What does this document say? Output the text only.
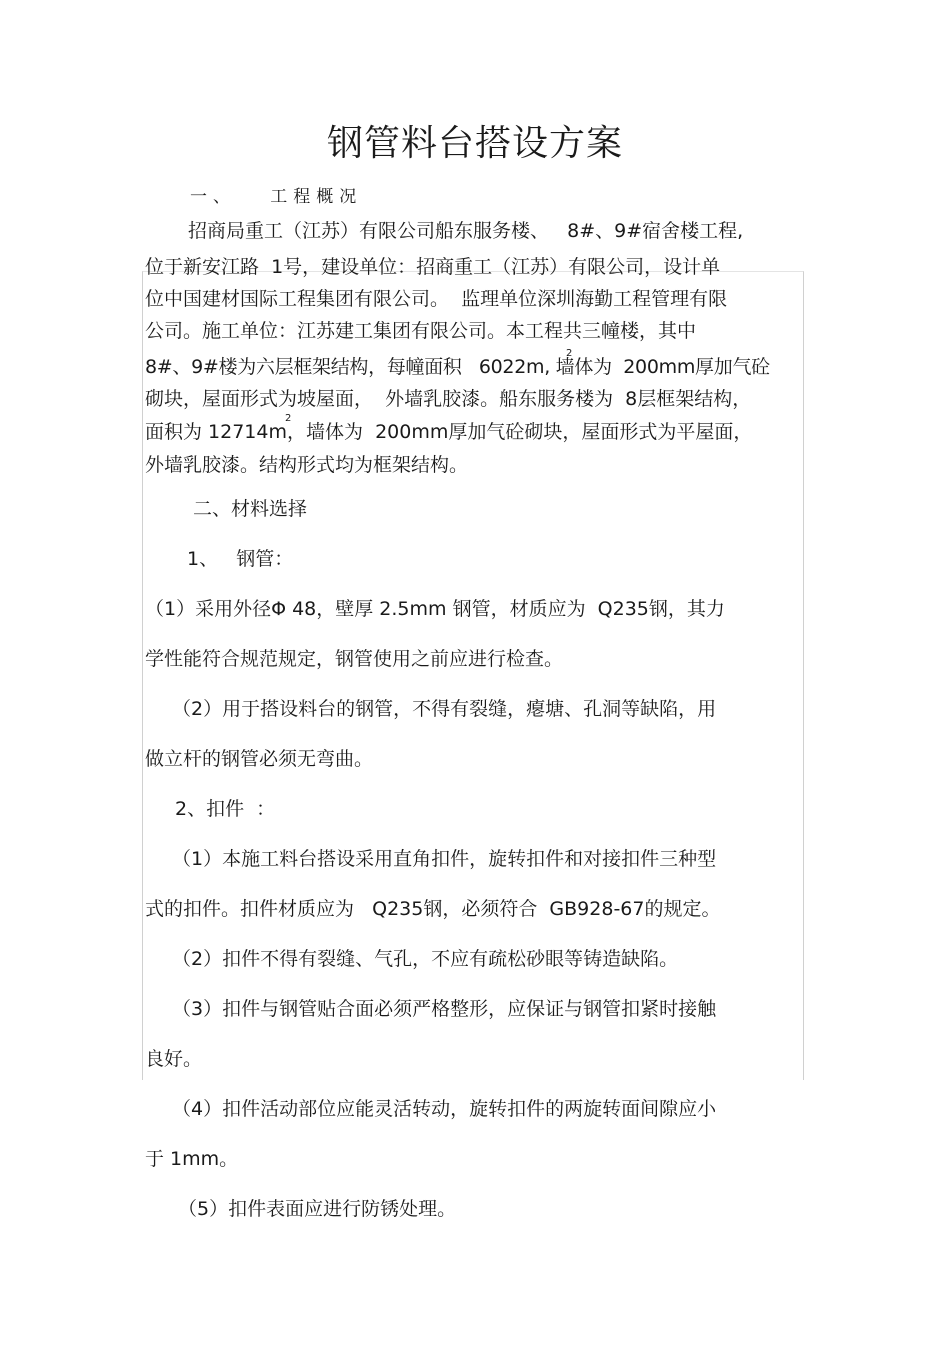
钢管料台搭设方案
一、   工程概况
招商局重工（江苏）有限公司船东服务楼、   8#、9#宿舍楼工程,
位于新安江路  1号，建设单位：招商重工（江苏）有限公司，设计单
位中国建材国际工程集团有限公司。  监理单位深圳海勤工程管理有限
公司。施工单位：江苏建工集团有限公司。本工程共三幢楼，其中
8#、9#楼为六层框架结构，每幢面积   6022m, 墙体为  200mm厚加气砼
2
砌块，屋面形式为坡屋面，  外墙乳胶漆。船东服务楼为  8层框架结构，
面积为 12714m，墙体为  200mm厚加气砼砌块，屋面形式为平屋面，
2
外墙乳胶漆。结构形式均为框架结构。
二、材料选择
1、   钢管：
（1）采用外径Φ 48，壁厚 2.5mm 钢管，材质应为  Q235钢，其力
学性能符合规范规定，钢管使用之前应进行检查。
（2）用于搭设料台的钢管，不得有裂缝，瘪塘、孔洞等缺陷，用
做立杆的钢管必须无弯曲。
2、扣件  ：
（1）本施工料台搭设采用直角扣件，旋转扣件和对接扣件三种型
式的扣件。扣件材质应为   Q235钢，必须符合  GB928-67的规定。
（2）扣件不得有裂缝、气孔，不应有疏松砂眼等铸造缺陷。
（3）扣件与钢管贴合面必须严格整形，应保证与钢管扣紧时接触
良好。
（4）扣件活动部位应能灵活转动，旋转扣件的两旋转面间隙应小
于 1mm。
（5）扣件表面应进行防锈处理。
